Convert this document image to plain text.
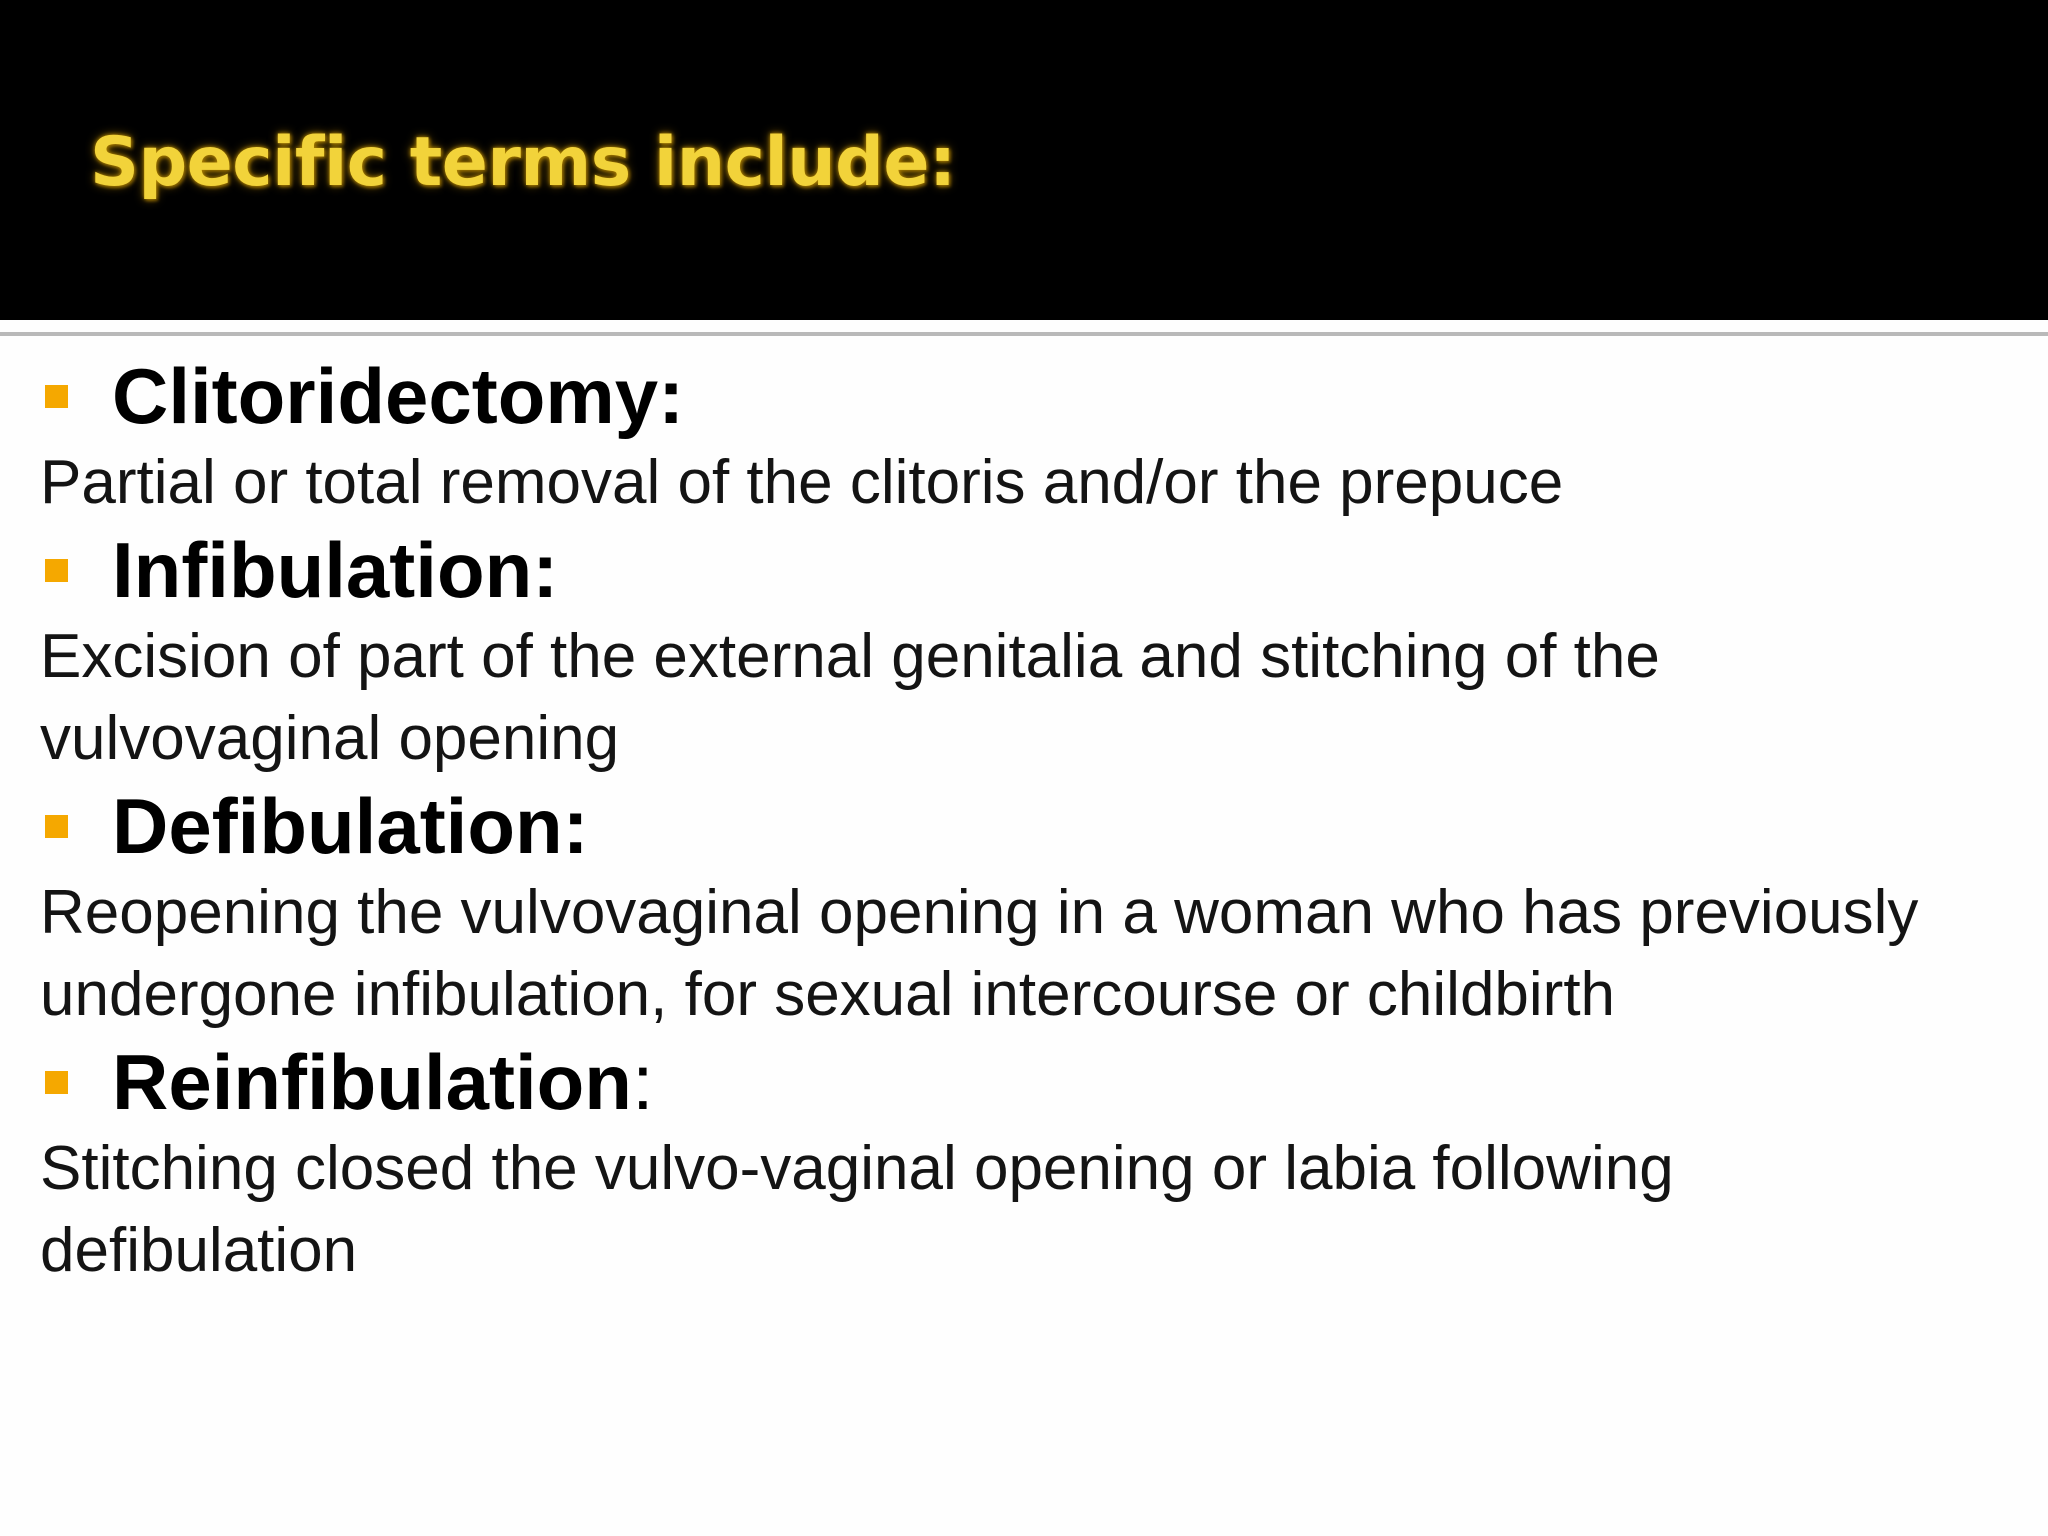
Specific terms include:
Clitoridectomy:

Partial or total removal of the clitoris and/or the prepuce

Infibulation:

Excision of part of the external genitalia and stitching of the vulvovaginal opening

Defibulation:

Reopening the vulvovaginal opening in a woman who has previously undergone infibulation, for sexual intercourse or childbirth

Reinfibulation :

Stitching closed the vulvo-vaginal opening or labia following defibulation
